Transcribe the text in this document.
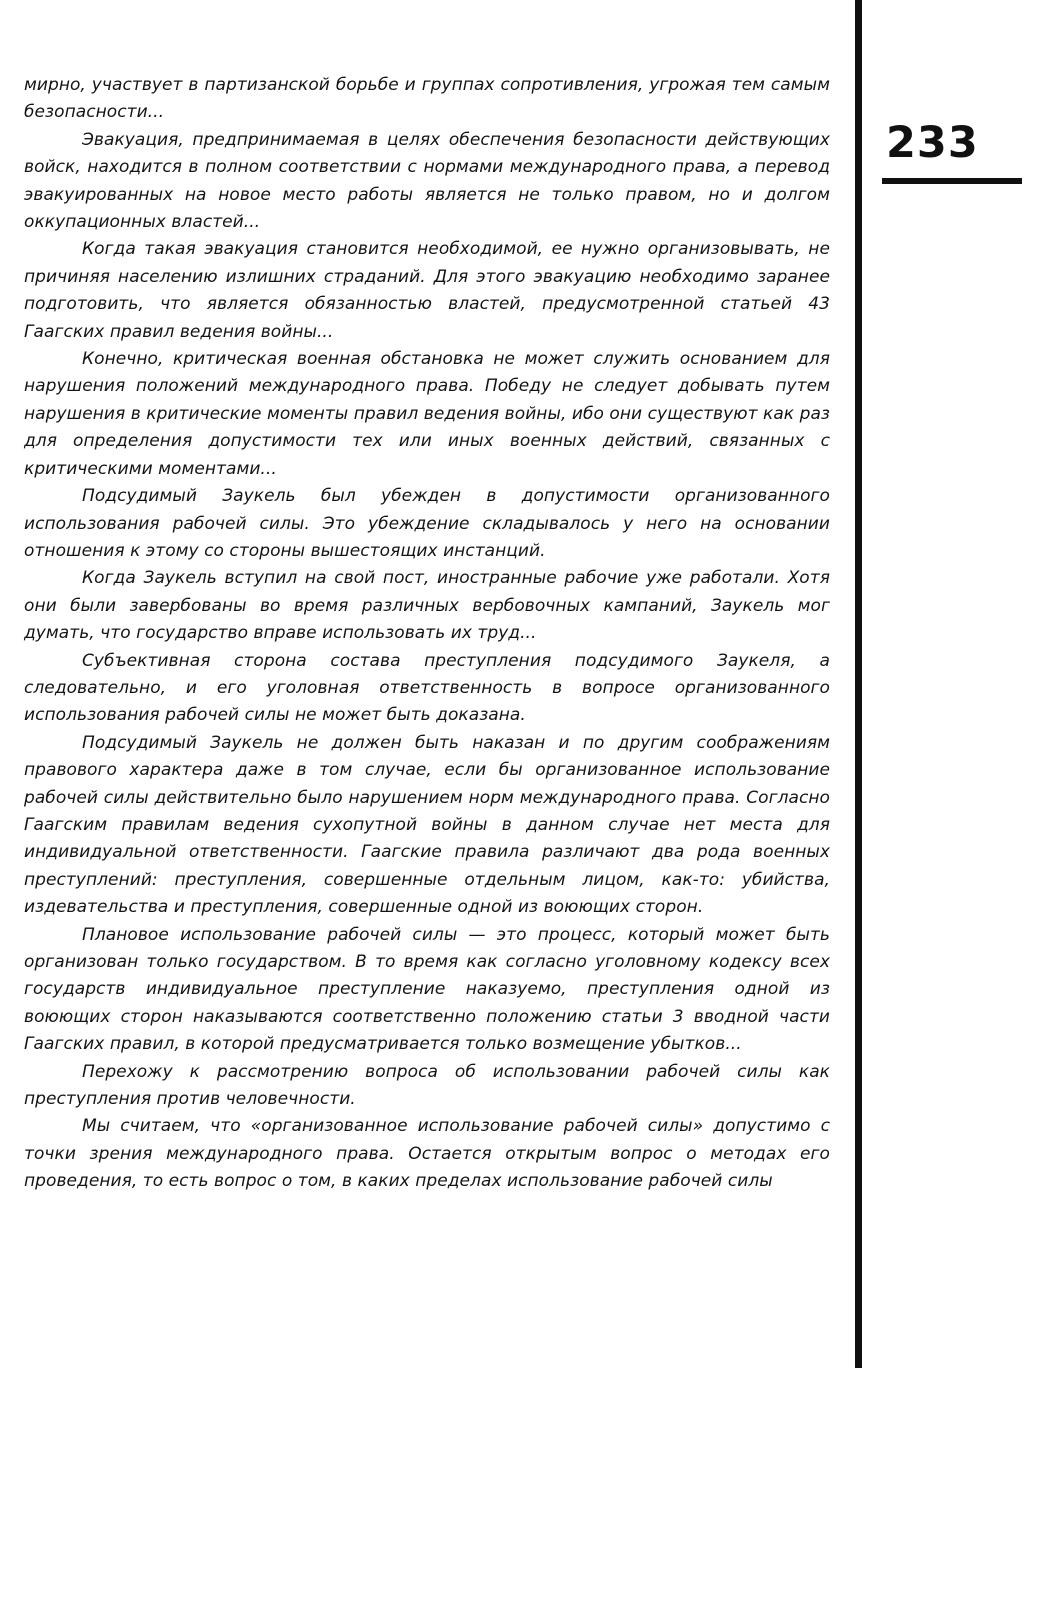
мирно, участвует в партизанской борьбе и группах сопротивления, угрожая тем самым безопасности...

Эвакуация, предпринимаемая в целях обеспечения безопасности действующих войск, находится в полном соответствии с нормами международного права, а перевод эвакуированных на новое место работы является не только правом, но и долгом оккупационных властей...

Когда такая эвакуация становится необходимой, ее нужно организовывать, не причиняя населению излишних страданий. Для этого эвакуацию необходимо заранее подготовить, что является обязанностью властей, предусмотренной статьей 43 Гаагских правил ведения войны...

Конечно, критическая военная обстановка не может служить основанием для нарушения положений международного права. Победу не следует добывать путем нарушения в критические моменты правил ведения войны, ибо они существуют как раз для определения допустимости тех или иных военных действий, связанных с критическими моментами...

Подсудимый Заукель был убежден в допустимости организованного использования рабочей силы. Это убеждение складывалось у него на основании отношения к этому со стороны вышестоящих инстанций.

Когда Заукель вступил на свой пост, иностранные рабочие уже работали. Хотя они были завербованы во время различных вербовочных кампаний, Заукель мог думать, что государство вправе использовать их труд...

Субъективная сторона состава преступления подсудимого Заукеля, а следовательно, и его уголовная ответственность в вопросе организованного использования рабочей силы не может быть доказана.

Подсудимый Заукель не должен быть наказан и по другим соображениям правового характера даже в том случае, если бы организованное использование рабочей силы действительно было нарушением норм международного права. Согласно Гаагским правилам ведения сухопутной войны в данном случае нет места для индивидуальной ответственности. Гаагские правила различают два рода военных преступлений: преступления, совершенные отдельным лицом, как-то: убийства, издевательства и преступления, совершенные одной из воюющих сторон.

Плановое использование рабочей силы — это процесс, который может быть организован только государством. В то время как согласно уголовному кодексу всех государств индивидуальное преступление наказуемо, преступления одной из воюющих сторон наказываются соответственно положению статьи 3 вводной части Гаагских правил, в которой предусматривается только возмещение убытков...

Перехожу к рассмотрению вопроса об использовании рабочей силы как преступления против человечности.

Мы считаем, что «организованное использование рабочей силы» допустимо с точки зрения международного права. Остается открытым вопрос о методах его проведения, то есть вопрос о том, в каких пределах использование рабочей силы

233
